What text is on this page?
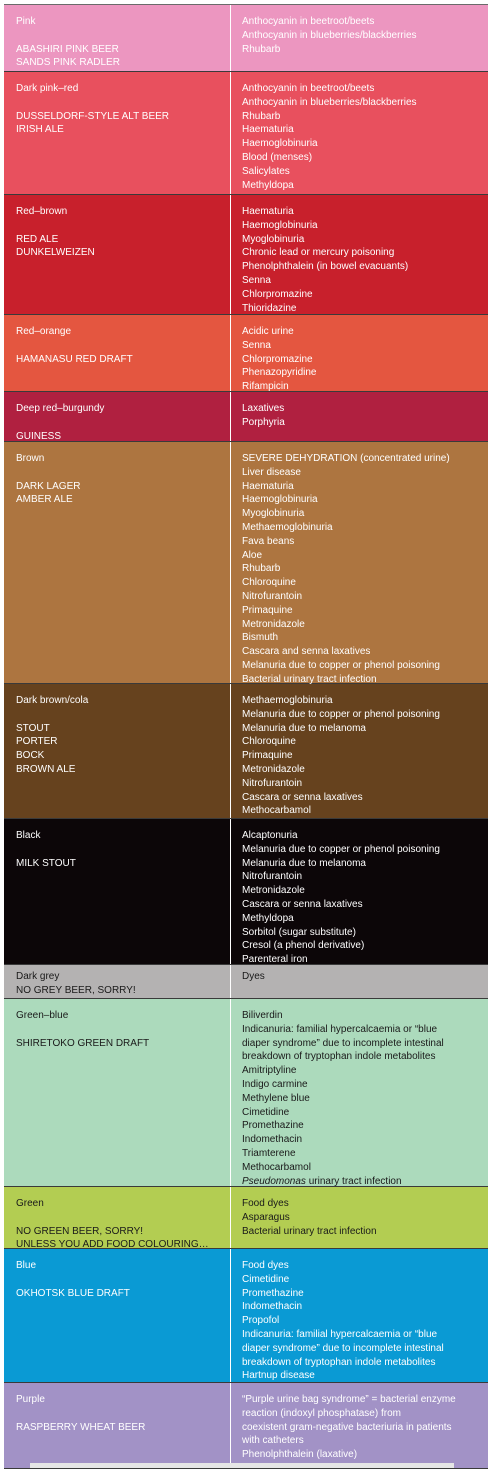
Pink
ABASHIRI PINK BEER
SANDS PINK RADLER
Anthocyanin in beetroot/beets
Anthocyanin in blueberries/blackberries
Rhubarb
Dark pink–red
DUSSELDORF-STYLE ALT BEER
IRISH ALE
Anthocyanin in beetroot/beets
Anthocyanin in blueberries/blackberries
Rhubarb
Haematuria
Haemoglobinuria
Blood (menses)
Salicylates
Methyldopa
Red–brown
RED ALE
DUNKELWEIZEN
Haematuria
Haemoglobinuria
Myoglobinuria
Chronic lead or mercury poisoning
Phenolphthalein (in bowel evacuants)
Senna
Chlorpromazine
Thioridazine
Red–orange
HAMANASU RED DRAFT
Acidic urine
Senna
Chlorpromazine
Phenazopyridine
Rifampicin
Deep red–burgundy
GUINESS
Laxatives
Porphyria
Brown
DARK LAGER
AMBER ALE
SEVERE DEHYDRATION (concentrated urine)
Liver disease
Haematuria
Haemoglobinuria
Myoglobinuria
Methaemoglobinuria
Fava beans
Aloe
Rhubarb
Chloroquine
Nitrofurantoin
Primaquine
Metronidazole
Bismuth
Cascara and senna laxatives
Melanuria due to copper or phenol poisoning
Bacterial urinary tract infection
Dark brown/cola
STOUT
PORTER
BOCK
BROWN ALE
Methaemoglobinuria
Melanuria due to copper or phenol poisoning
Melanuria due to melanoma
Chloroquine
Primaquine
Metronidazole
Nitrofurantoin
Cascara or senna laxatives
Methocarbamol
Black
MILK STOUT
Alcaptonuria
Melanuria due to copper or phenol poisoning
Melanuria due to melanoma
Nitrofurantoin
Metronidazole
Cascara or senna laxatives
Methyldopa
Sorbitol (sugar substitute)
Cresol (a phenol derivative)
Parenteral iron
Dark grey
NO GREY BEER, SORRY!
Dyes
Green–blue
SHIRETOKO GREEN DRAFT
Biliverdin
Indicanuria: familial hypercalcaemia or “blue
diaper syndrome” due to incomplete intestinal
breakdown of tryptophan indole metabolites
Amitriptyline
Indigo carmine
Methylene blue
Cimetidine
Promethazine
Indomethacin
Triamterene
Methocarbamol
Pseudomonas urinary tract infection
Green
NO GREEN BEER, SORRY!
UNLESS YOU ADD FOOD COLOURING…
Food dyes
Asparagus
Bacterial urinary tract infection
Blue
OKHOTSK BLUE DRAFT
Food dyes
Cimetidine
Promethazine
Indomethacin
Propofol
Indicanuria: familial hypercalcaemia or “blue
diaper syndrome” due to incomplete intestinal
breakdown of tryptophan indole metabolites
Hartnup disease
Purple
RASPBERRY WHEAT BEER
“Purple urine bag syndrome” = bacterial enzyme
reaction (indoxyl phosphatase) from
coexistent gram-negative bacteriuria in patients
with catheters
Phenolphthalein (laxative)
